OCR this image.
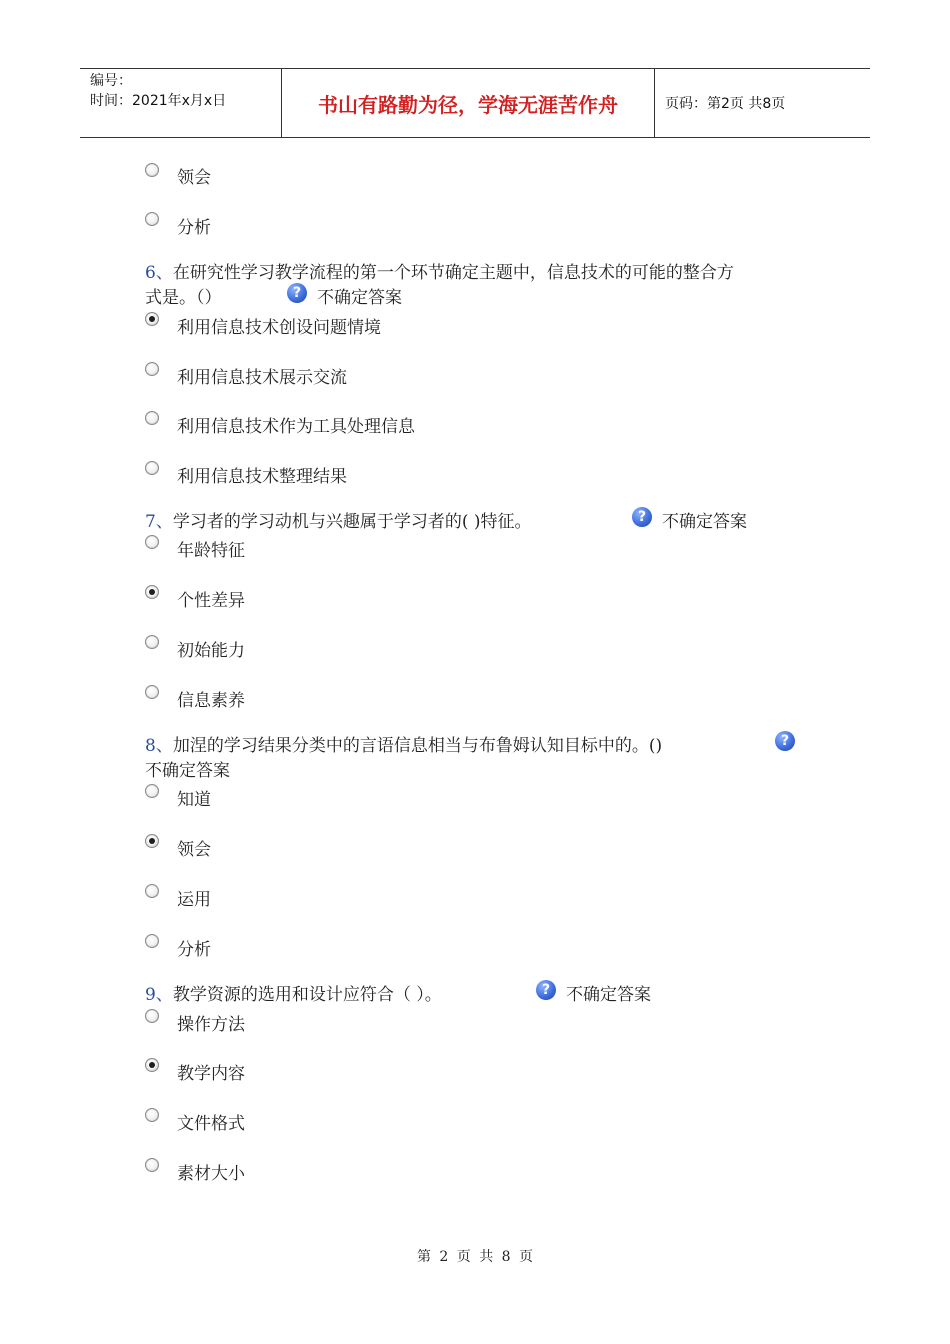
编号：
时间：2021年x月x日	书山有路勤为径，学海无涯苦作舟	页码：第2页 共8页
领会
分析
6、在研究性学习教学流程的第一个环节确定主题中，信息技术的可能的整合方
式是。（）	? 不确定答案
利用信息技术创设问题情境
利用信息技术展示交流
利用信息技术作为工具处理信息
利用信息技术整理结果
7、学习者的学习动机与兴趣属于学习者的( )特征。	? 不确定答案
年龄特征
个性差异
初始能力
信息素养
8、加涅的学习结果分类中的言语信息相当与布鲁姆认知目标中的。()	?
不确定答案
知道
领会
运用
分析
9、教学资源的选用和设计应符合（ ）。	? 不确定答案
操作方法
教学内容
文件格式
素材大小
第 2 页 共 8 页
